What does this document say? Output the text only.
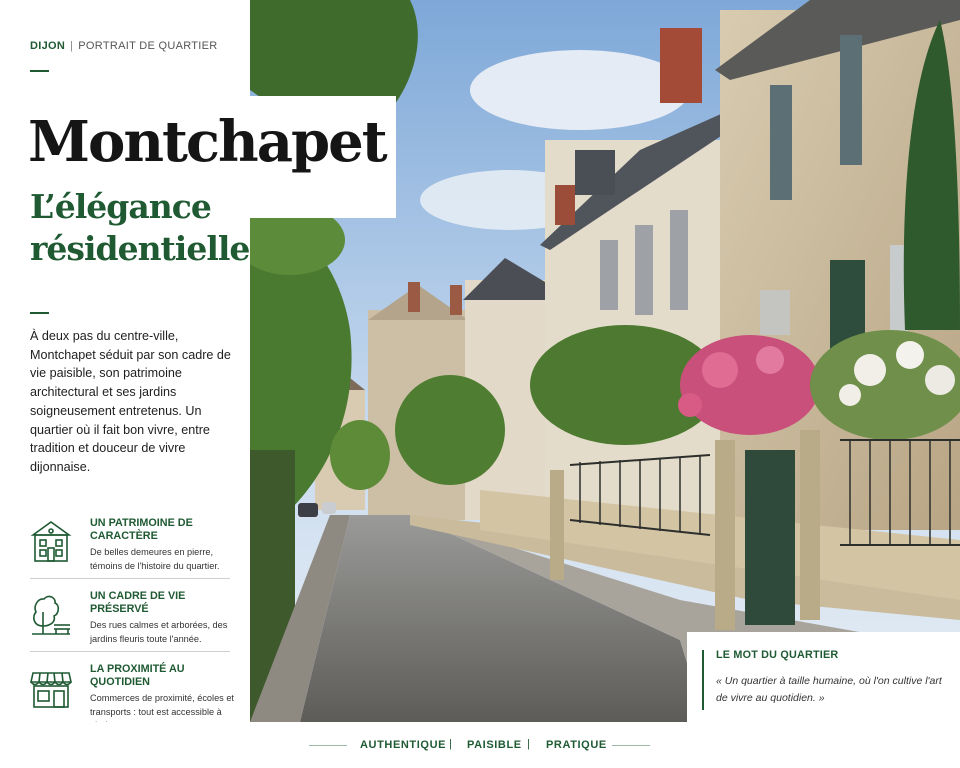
DIJON | PORTRAIT DE QUARTIER
Montchapet
L’élégance
résidentielle

À deux pas du centre-ville, Montchapet séduit par son cadre de vie paisible, son patrimoine architectural et ses jardins soigneusement entretenus. Un quartier où il fait bon vivre, entre tradition et douceur de vivre dijonnaise.

UN PATRIMOINE DE CARACTÈRE

De belles demeures en pierre, témoins de l'histoire du quartier.

UN CADRE DE VIE PRÉSERVÉ

Des rues calmes et arborées, des jardins fleuris toute l'année.

LA PROXIMITÉ AU QUOTIDIEN

Commerces de proximité, écoles et transports : tout est accessible à

LE MOT DU QUARTIER

« Un quartier à taille humaine, où l'on cultive l'art de vivre au quotidien. »

AUTHENTIQUE | PAISIBLE | PRATIQUE
